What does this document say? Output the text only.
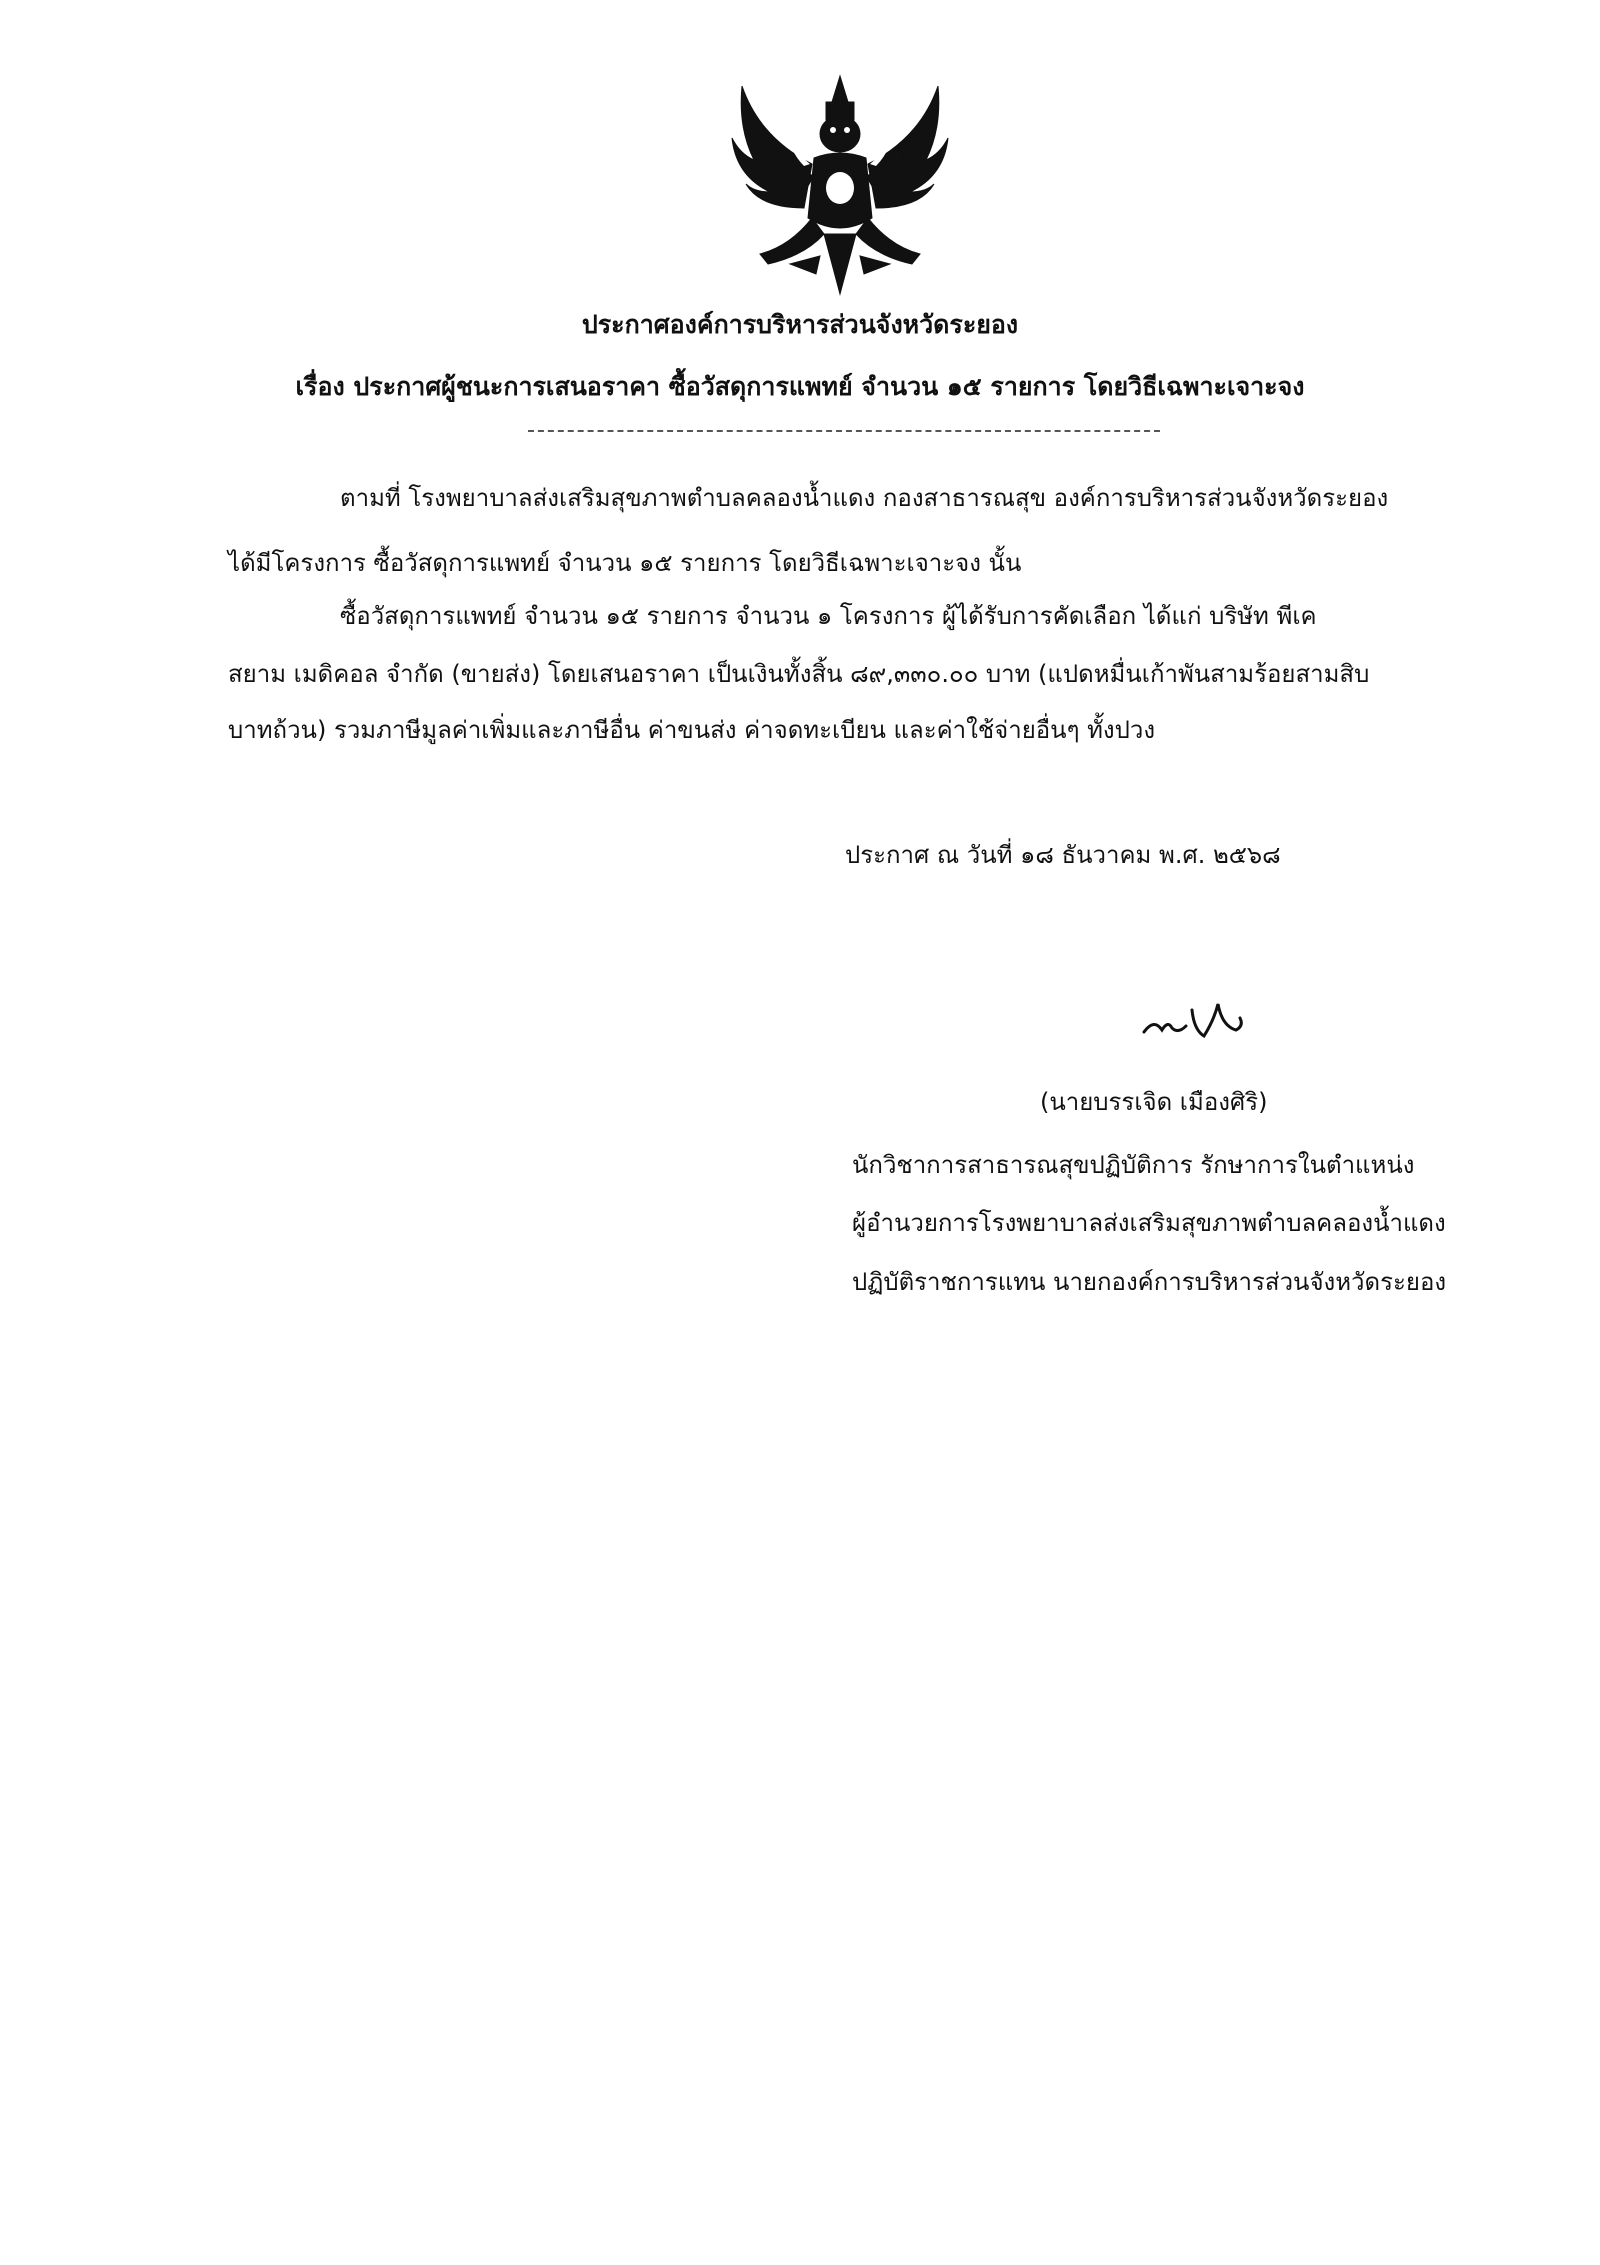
ประกาศองค์การบริหารส่วนจังหวัดระยอง
เรื่อง ประกาศผู้ชนะการเสนอราคา ซื้อวัสดุการแพทย์ จำนวน ๑๕ รายการ โดยวิธีเฉพาะเจาะจง
ตามที่ โรงพยาบาลส่งเสริมสุขภาพตำบลคลองน้ำแดง กองสาธารณสุข องค์การบริหารส่วนจังหวัดระยอง
ได้มีโครงการ ซื้อวัสดุการแพทย์ จำนวน ๑๕ รายการ โดยวิธีเฉพาะเจาะจง นั้น
ซื้อวัสดุการแพทย์ จำนวน ๑๕ รายการ จำนวน ๑ โครงการ ผู้ได้รับการคัดเลือก ได้แก่ บริษัท พีเค
สยาม เมดิคอล จำกัด (ขายส่ง) โดยเสนอราคา เป็นเงินทั้งสิ้น ๘๙,๓๓๐.๐๐ บาท (แปดหมื่นเก้าพันสามร้อยสามสิบ
บาทถ้วน) รวมภาษีมูลค่าเพิ่มและภาษีอื่น ค่าขนส่ง ค่าจดทะเบียน และค่าใช้จ่ายอื่นๆ ทั้งปวง
ประกาศ ณ วันที่ ๑๘ ธันวาคม พ.ศ. ๒๕๖๘
(นายบรรเจิด เมืองศิริ)
นักวิชาการสาธารณสุขปฏิบัติการ รักษาการในตำแหน่ง
ผู้อำนวยการโรงพยาบาลส่งเสริมสุขภาพตำบลคลองน้ำแดง
ปฏิบัติราชการแทน นายกองค์การบริหารส่วนจังหวัดระยอง
